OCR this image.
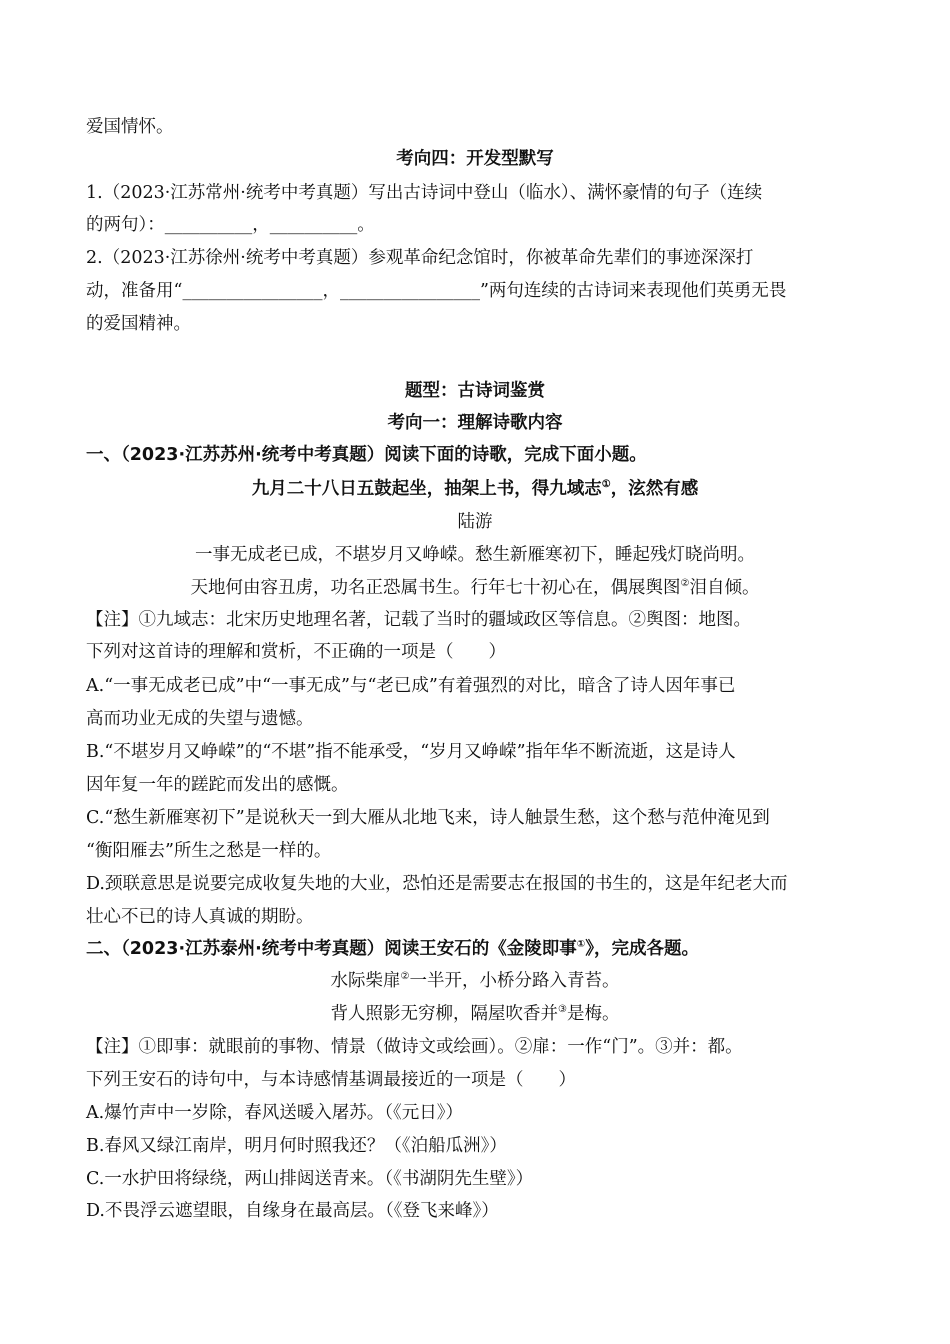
爱国情怀。
考向四：开发型默写
1.（2023·江苏常州·统考中考真题）写出古诗词中登山（临水）、满怀豪情的句子（连续
的两句）：__________，__________。
2.（2023·江苏徐州·统考中考真题）参观革命纪念馆时，你被革命先辈们的事迹深深打
动，准备用“________________，________________”两句连续的古诗词来表现他们英勇无畏
的爱国精神。
题型：古诗词鉴赏
考向一：理解诗歌内容
一、（2023·江苏苏州·统考中考真题）阅读下面的诗歌，完成下面小题。
九月二十八日五鼓起坐，抽架上书，得九域志①，泫然有感
陆游
一事无成老已成，不堪岁月又峥嵘。愁生新雁寒初下，睡起残灯晓尚明。
天地何由容丑虏，功名正恐属书生。行年七十初心在，偶展舆图②泪自倾。
【注】①九域志：北宋历史地理名著，记载了当时的疆域政区等信息。②舆图：地图。
下列对这首诗的理解和赏析，不正确的一项是（　　）
A.“一事无成老已成”中“一事无成”与“老已成”有着强烈的对比，暗含了诗人因年事已
高而功业无成的失望与遗憾。
B.“不堪岁月又峥嵘”的“不堪”指不能承受，“岁月又峥嵘”指年华不断流逝，这是诗人
因年复一年的蹉跎而发出的感慨。
C.“愁生新雁寒初下”是说秋天一到大雁从北地飞来，诗人触景生愁，这个愁与范仲淹见到
“衡阳雁去”所生之愁是一样的。
D.颈联意思是说要完成收复失地的大业，恐怕还是需要志在报国的书生的，这是年纪老大而
壮心不已的诗人真诚的期盼。
二、（2023·江苏泰州·统考中考真题）阅读王安石的《金陵即事①》，完成各题。
水际柴扉②一半开，小桥分路入青苔。
背人照影无穷柳，隔屋吹香并③是梅。
【注】①即事：就眼前的事物、情景（做诗文或绘画）。②扉：一作“门”。③并：都。
下列王安石的诗句中，与本诗感情基调最接近的一项是（　　）
A.爆竹声中一岁除，春风送暖入屠苏。（《元日》）
B.春风又绿江南岸，明月何时照我还？（《泊船瓜洲》）
C.一水护田将绿绕，两山排闼送青来。（《书湖阴先生壁》）
D.不畏浮云遮望眼，自缘身在最高层。（《登飞来峰》）
